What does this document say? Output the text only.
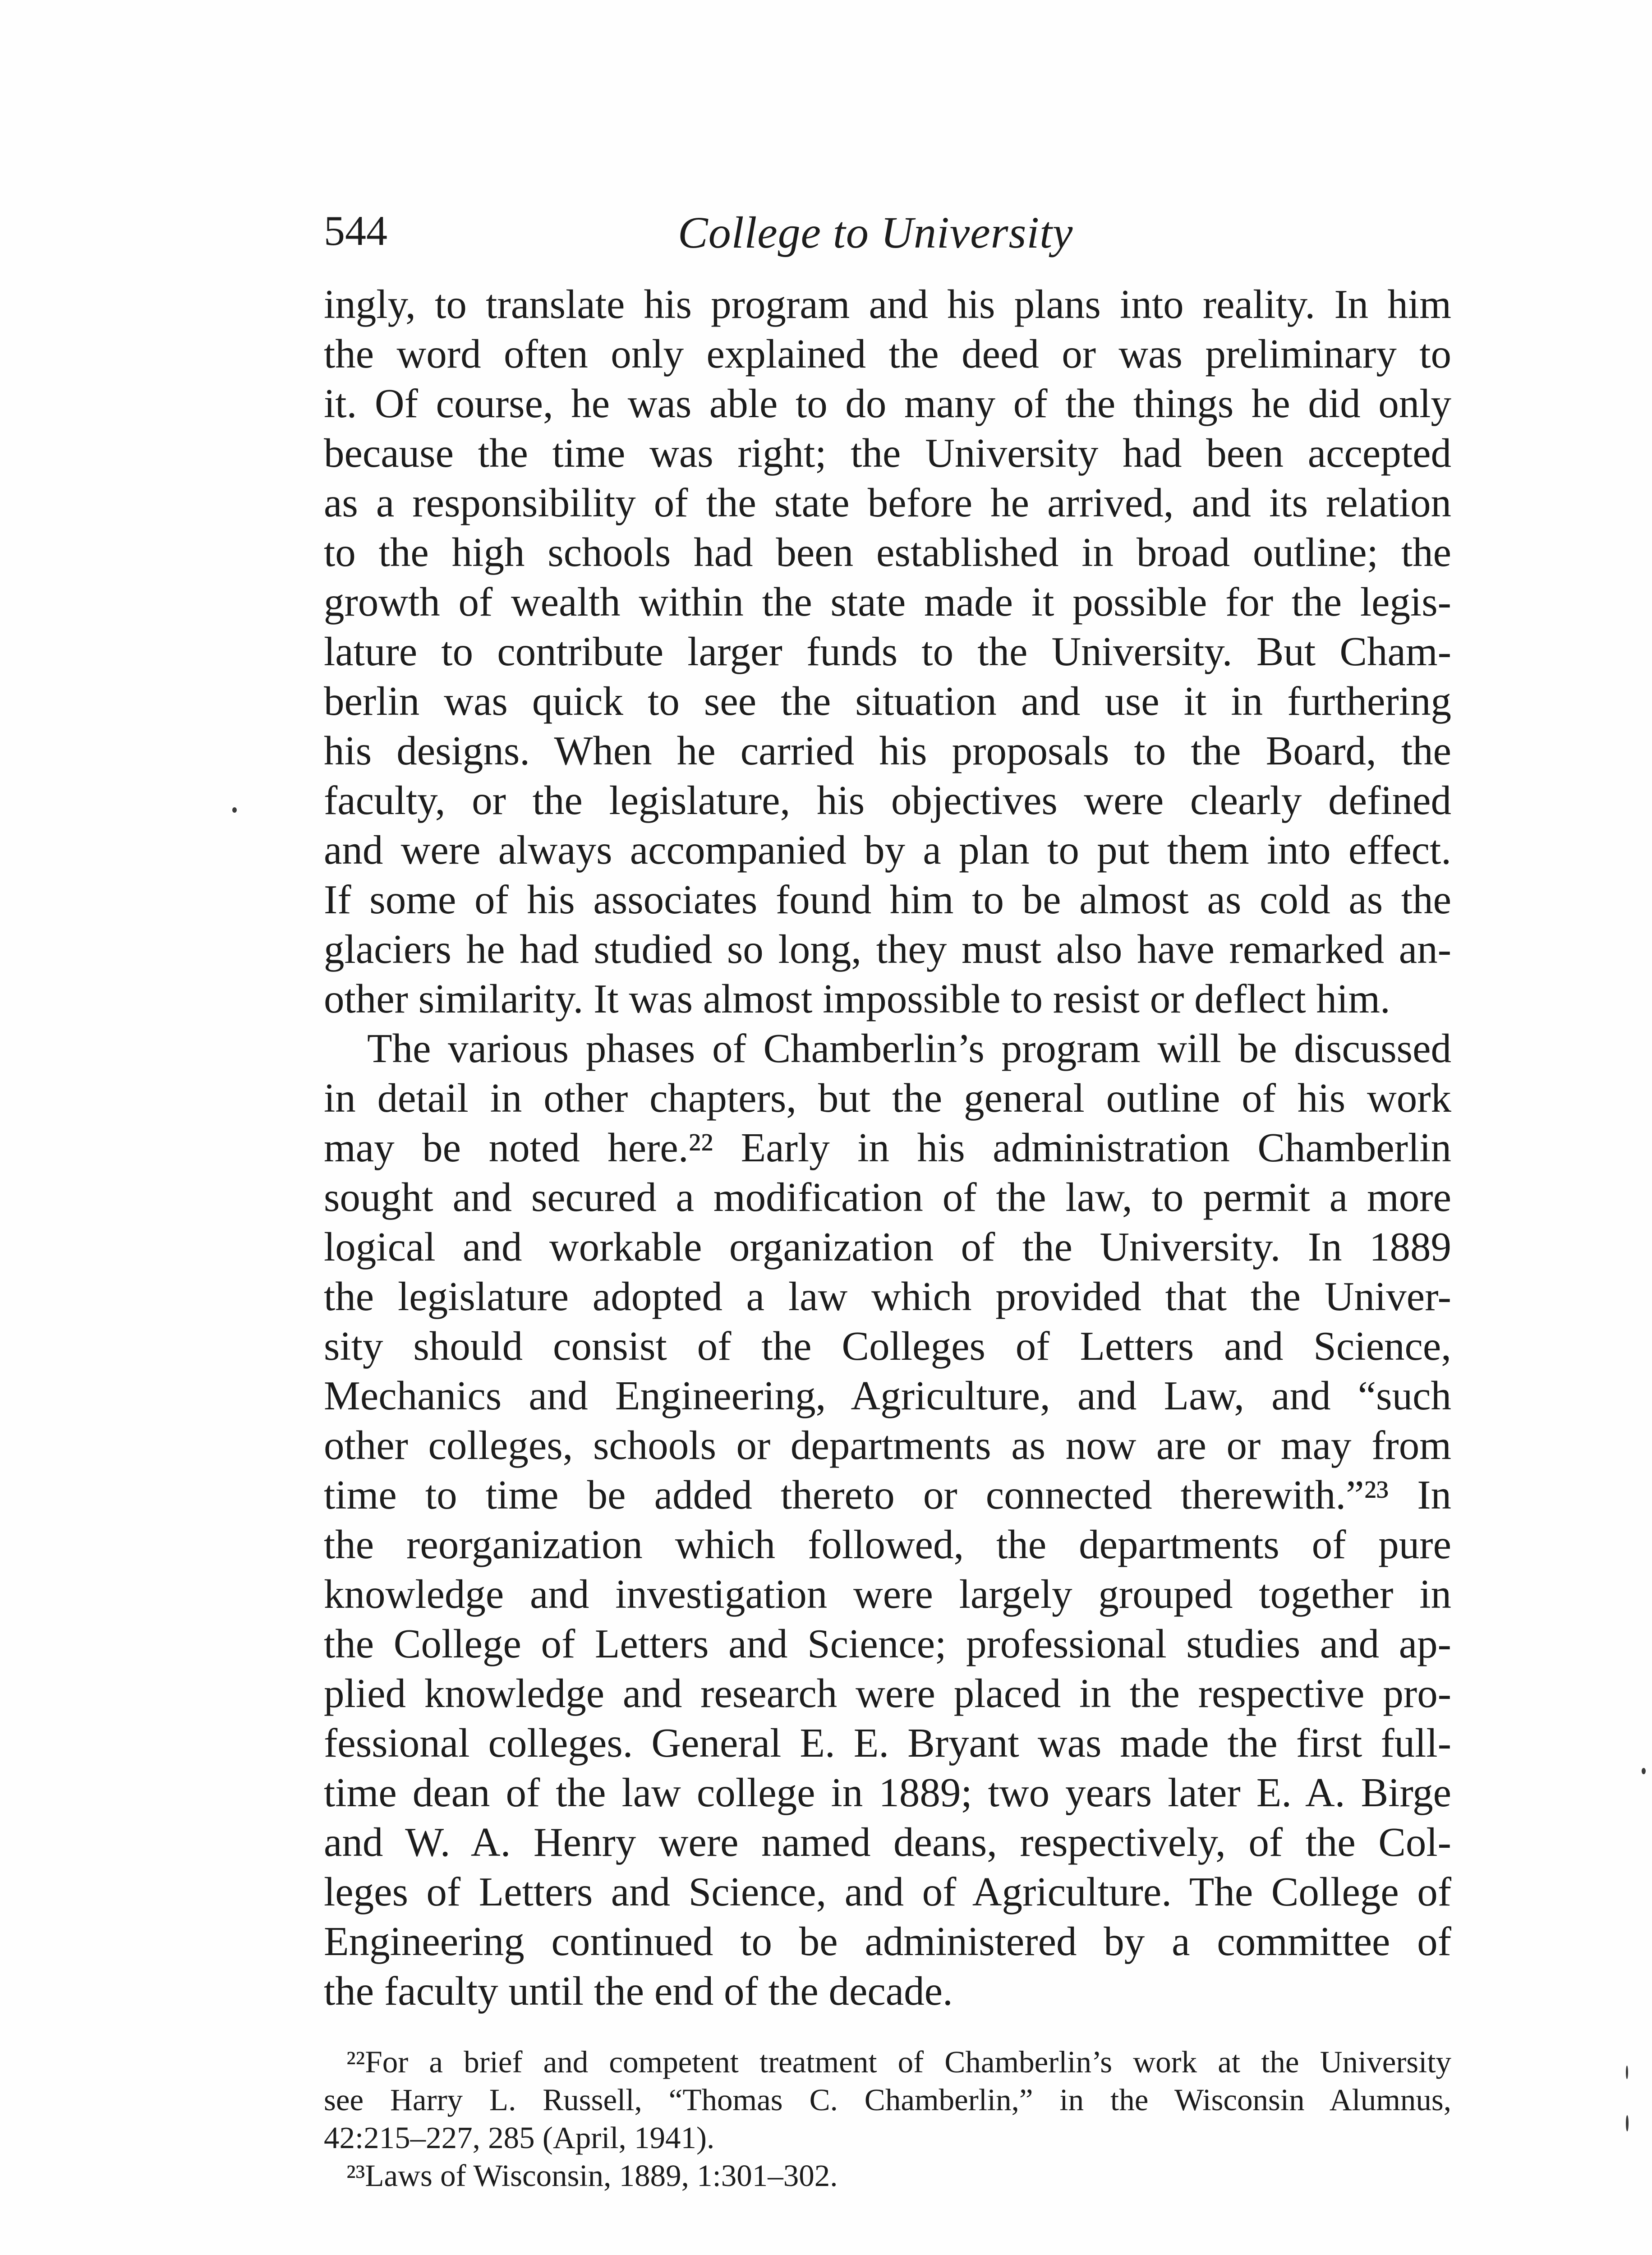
544	College to University
ingly, to translate his program and his plans into reality. In him
the word often only explained the deed or was preliminary to
it. Of course, he was able to do many of the things he did only
because the time was right; the University had been accepted
as a responsibility of the state before he arrived, and its relation
to the high schools had been established in broad outline; the
growth of wealth within the state made it possible for the legis-
lature to contribute larger funds to the University. But Cham-
berlin was quick to see the situation and use it in furthering
his designs. When he carried his proposals to the Board, the
faculty, or the legislature, his objectives were clearly defined
and were always accompanied by a plan to put them into effect.
If some of his associates found him to be almost as cold as the
glaciers he had studied so long, they must also have remarked an-
other similarity. It was almost impossible to resist or deflect him.
The various phases of Chamberlin’s program will be discussed
in detail in other chapters, but the general outline of his work
may be noted here.²² Early in his administration Chamberlin
sought and secured a modification of the law, to permit a more
logical and workable organization of the University. In 1889
the legislature adopted a law which provided that the Univer-
sity should consist of the Colleges of Letters and Science,
Mechanics and Engineering, Agriculture, and Law, and “such
other colleges, schools or departments as now are or may from
time to time be added thereto or connected therewith.”²³ In
the reorganization which followed, the departments of pure
knowledge and investigation were largely grouped together in
the College of Letters and Science; professional studies and ap-
plied knowledge and research were placed in the respective pro-
fessional colleges. General E. E. Bryant was made the first full-
time dean of the law college in 1889; two years later E. A. Birge
and W. A. Henry were named deans, respectively, of the Col-
leges of Letters and Science, and of Agriculture. The College of
Engineering continued to be administered by a committee of
the faculty until the end of the decade.
²²For a brief and competent treatment of Chamberlin’s work at the University
see Harry L. Russell, “Thomas C. Chamberlin,” in the Wisconsin Alumnus,
42:215–227, 285 (April, 1941).
²³Laws of Wisconsin, 1889, 1:301–302.
